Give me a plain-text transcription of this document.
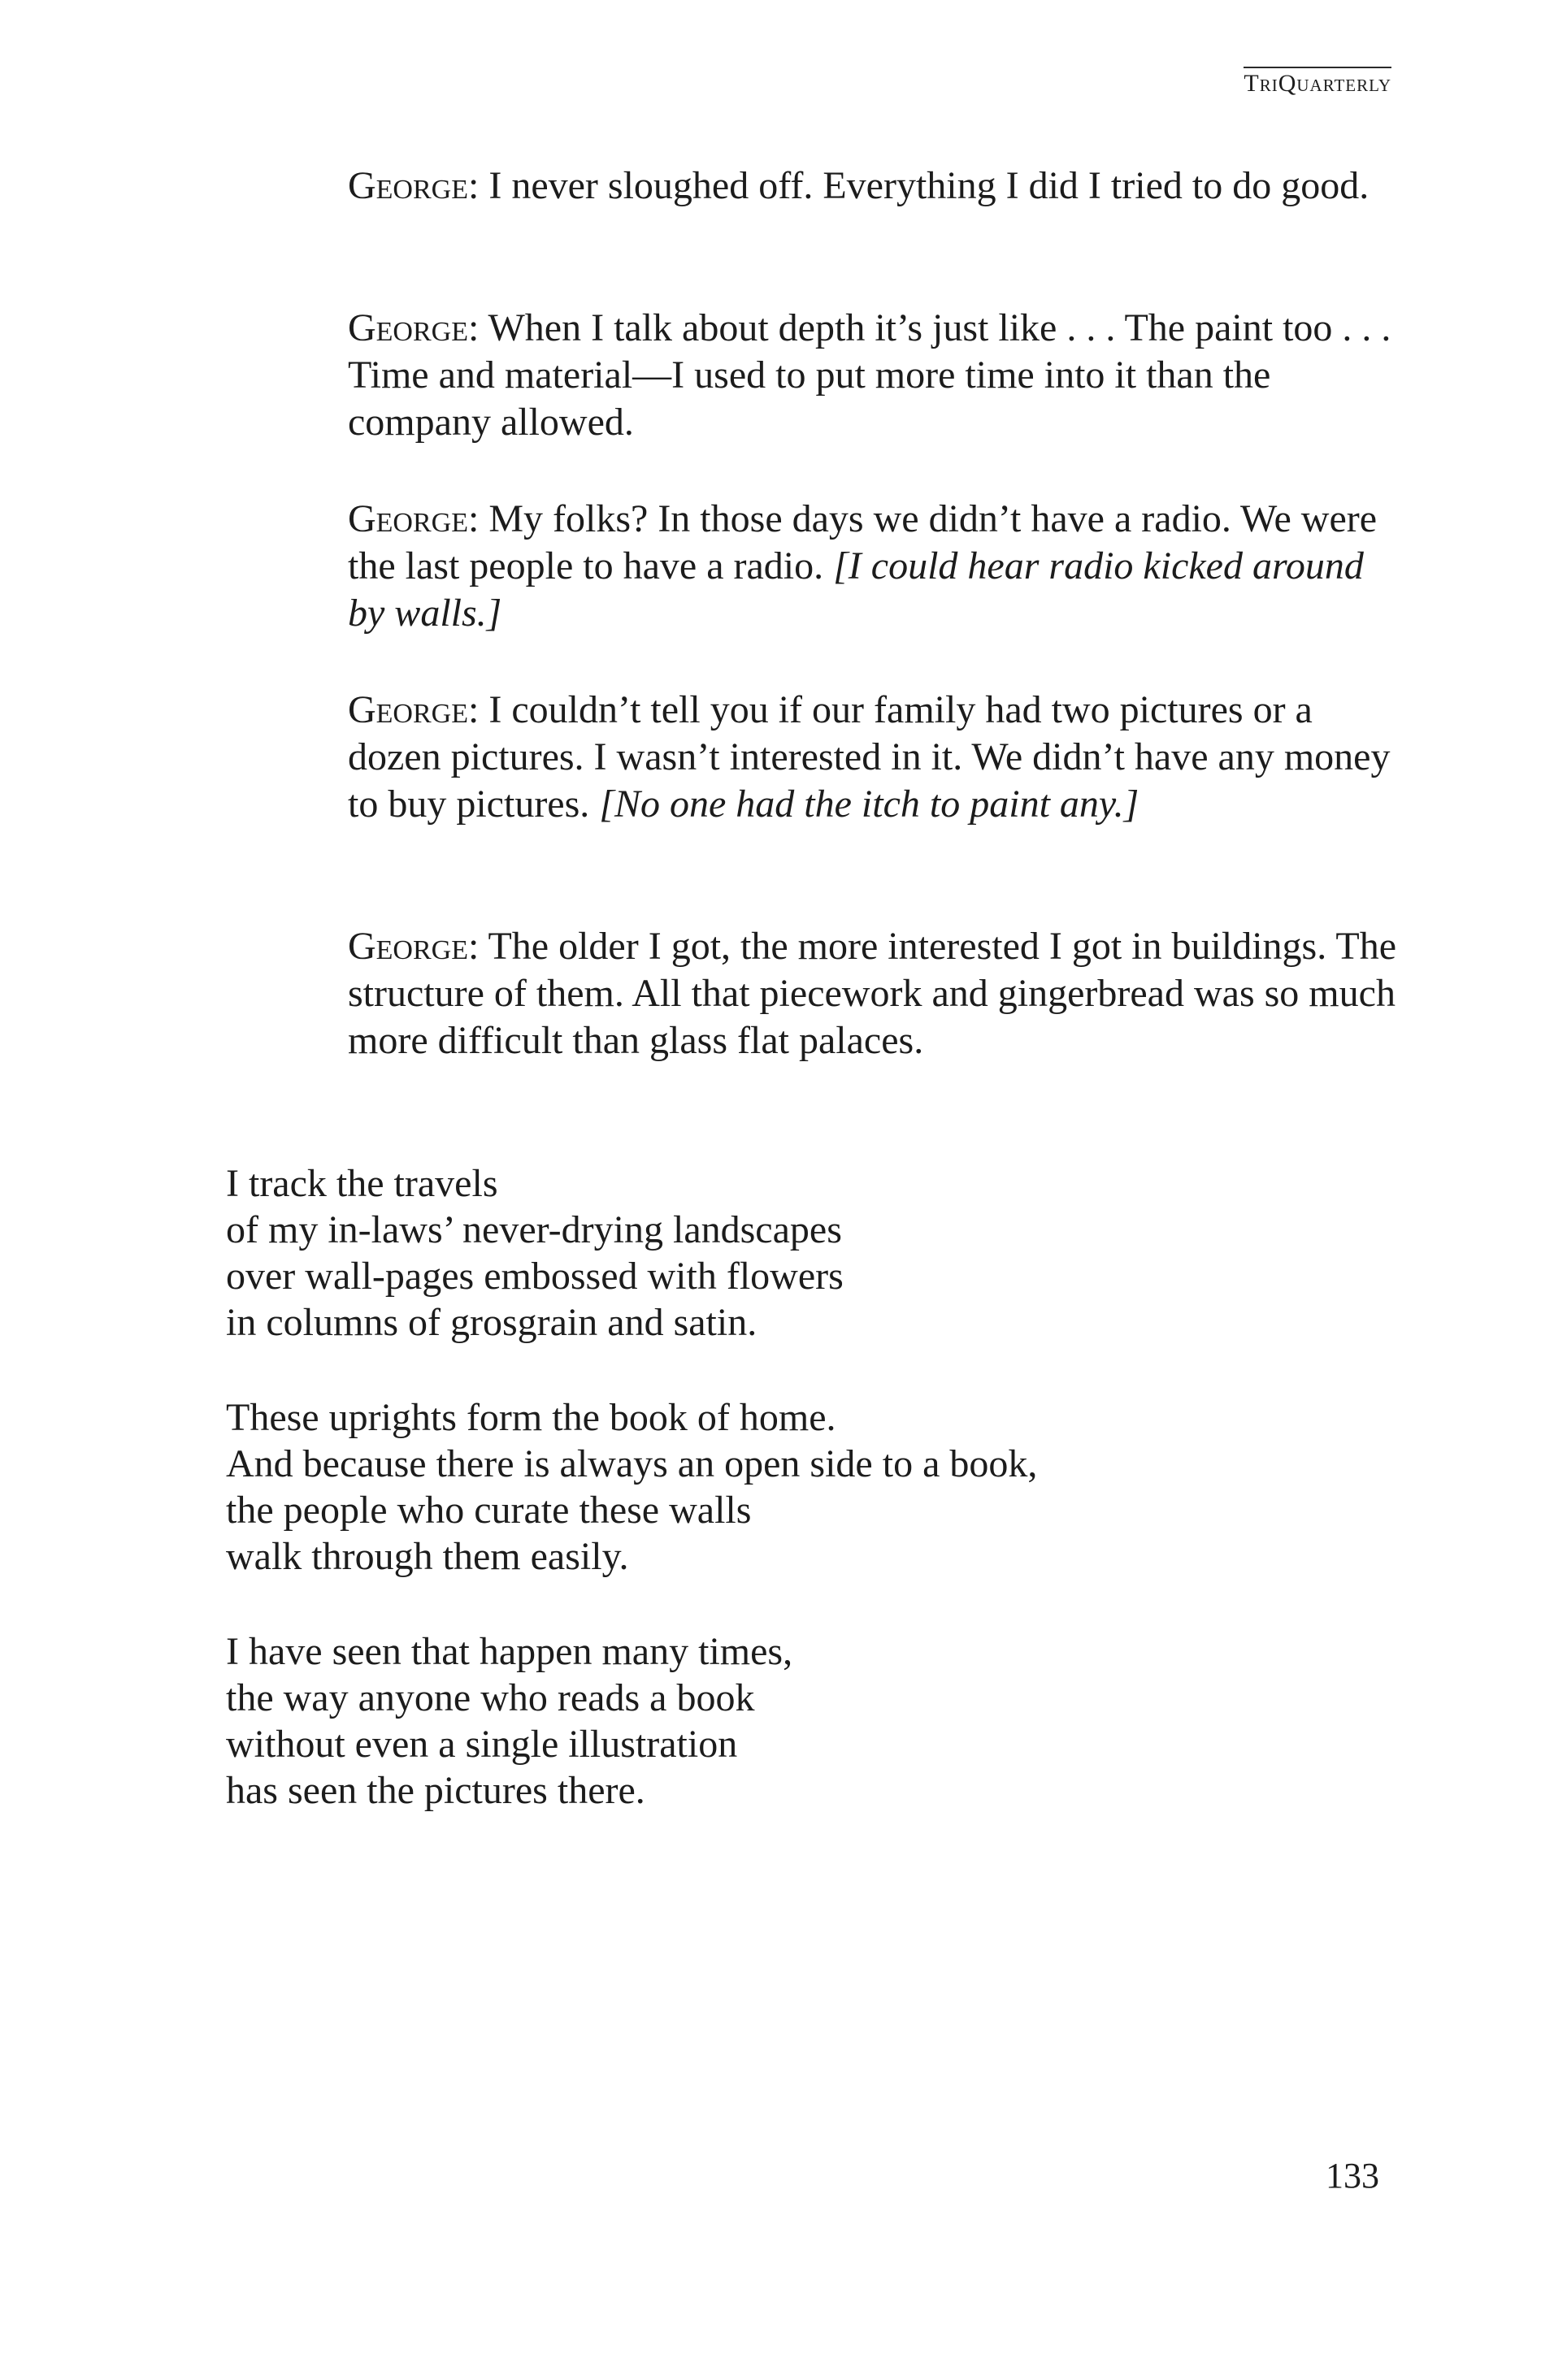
TriQuarterly

George: I never sloughed off. Everything I did I tried to do good.

George: When I talk about depth it’s just like . . . The paint too . . . Time and material—I used to put more time into it than the company allowed.

George: My folks? In those days we didn’t have a radio. We were the last people to have a radio. [I could hear radio kicked around by walls.]

George: I couldn’t tell you if our family had two pictures or a dozen pictures. I wasn’t interested in it. We didn’t have any money to buy pictures. [No one had the itch to paint any.]

George: The older I got, the more interested I got in buildings. The structure of them. All that piecework and gingerbread was so much more difficult than glass flat palaces.

I track the travels
of my in-laws’ never-drying landscapes
over wall-pages embossed with flowers
in columns of grosgrain and satin.
These uprights form the book of home.
And because there is always an open side to a book,
the people who curate these walls
walk through them easily.
I have seen that happen many times,
the way anyone who reads a book
without even a single illustration
has seen the pictures there.
133
